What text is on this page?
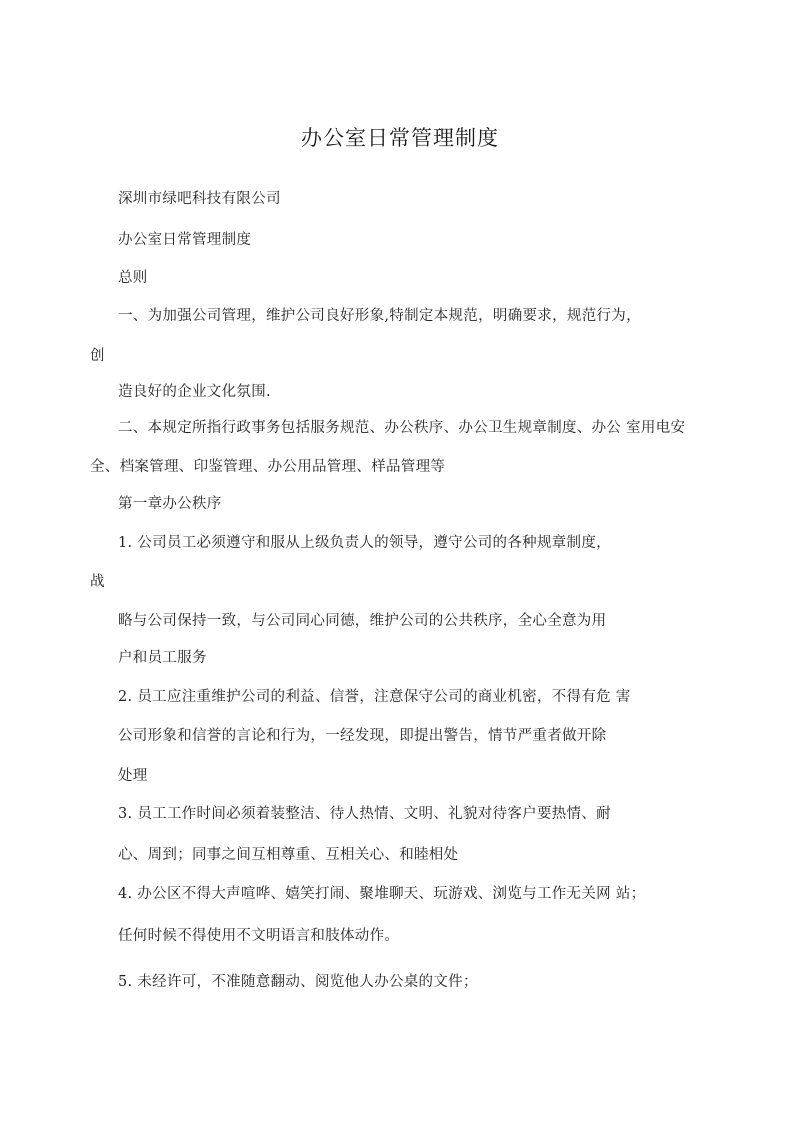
办公室日常管理制度
深圳市绿吧科技有限公司
办公室日常管理制度
总则
一、为加强公司管理，维护公司良好形象,特制定本规范，明确要求，规范行为，
创
造良好的企业文化氛围.
二、本规定所指行政事务包括服务规范、办公秩序、办公卫生规章制度、办公 室用电安
全、档案管理、印鉴管理、办公用品管理、样品管理等
第一章办公秩序
1. 公司员工必须遵守和服从上级负责人的领导，遵守公司的各种规章制度，
战
略与公司保持一致，与公司同心同德，维护公司的公共秩序，全心全意为用
户和员工服务
2. 员工应注重维护公司的利益、信誉，注意保守公司的商业机密，不得有危 害
公司形象和信誉的言论和行为，一经发现，即提出警告，情节严重者做开除
处理
3. 员工工作时间必须着装整洁、待人热情、文明、礼貌对待客户要热情、耐
心、周到；同事之间互相尊重、互相关心、和睦相处
4. 办公区不得大声喧哗、嬉笑打闹、聚堆聊天、玩游戏、浏览与工作无关网 站；
任何时候不得使用不文明语言和肢体动作。
5. 未经许可，不准随意翻动、阅览他人办公桌的文件；
